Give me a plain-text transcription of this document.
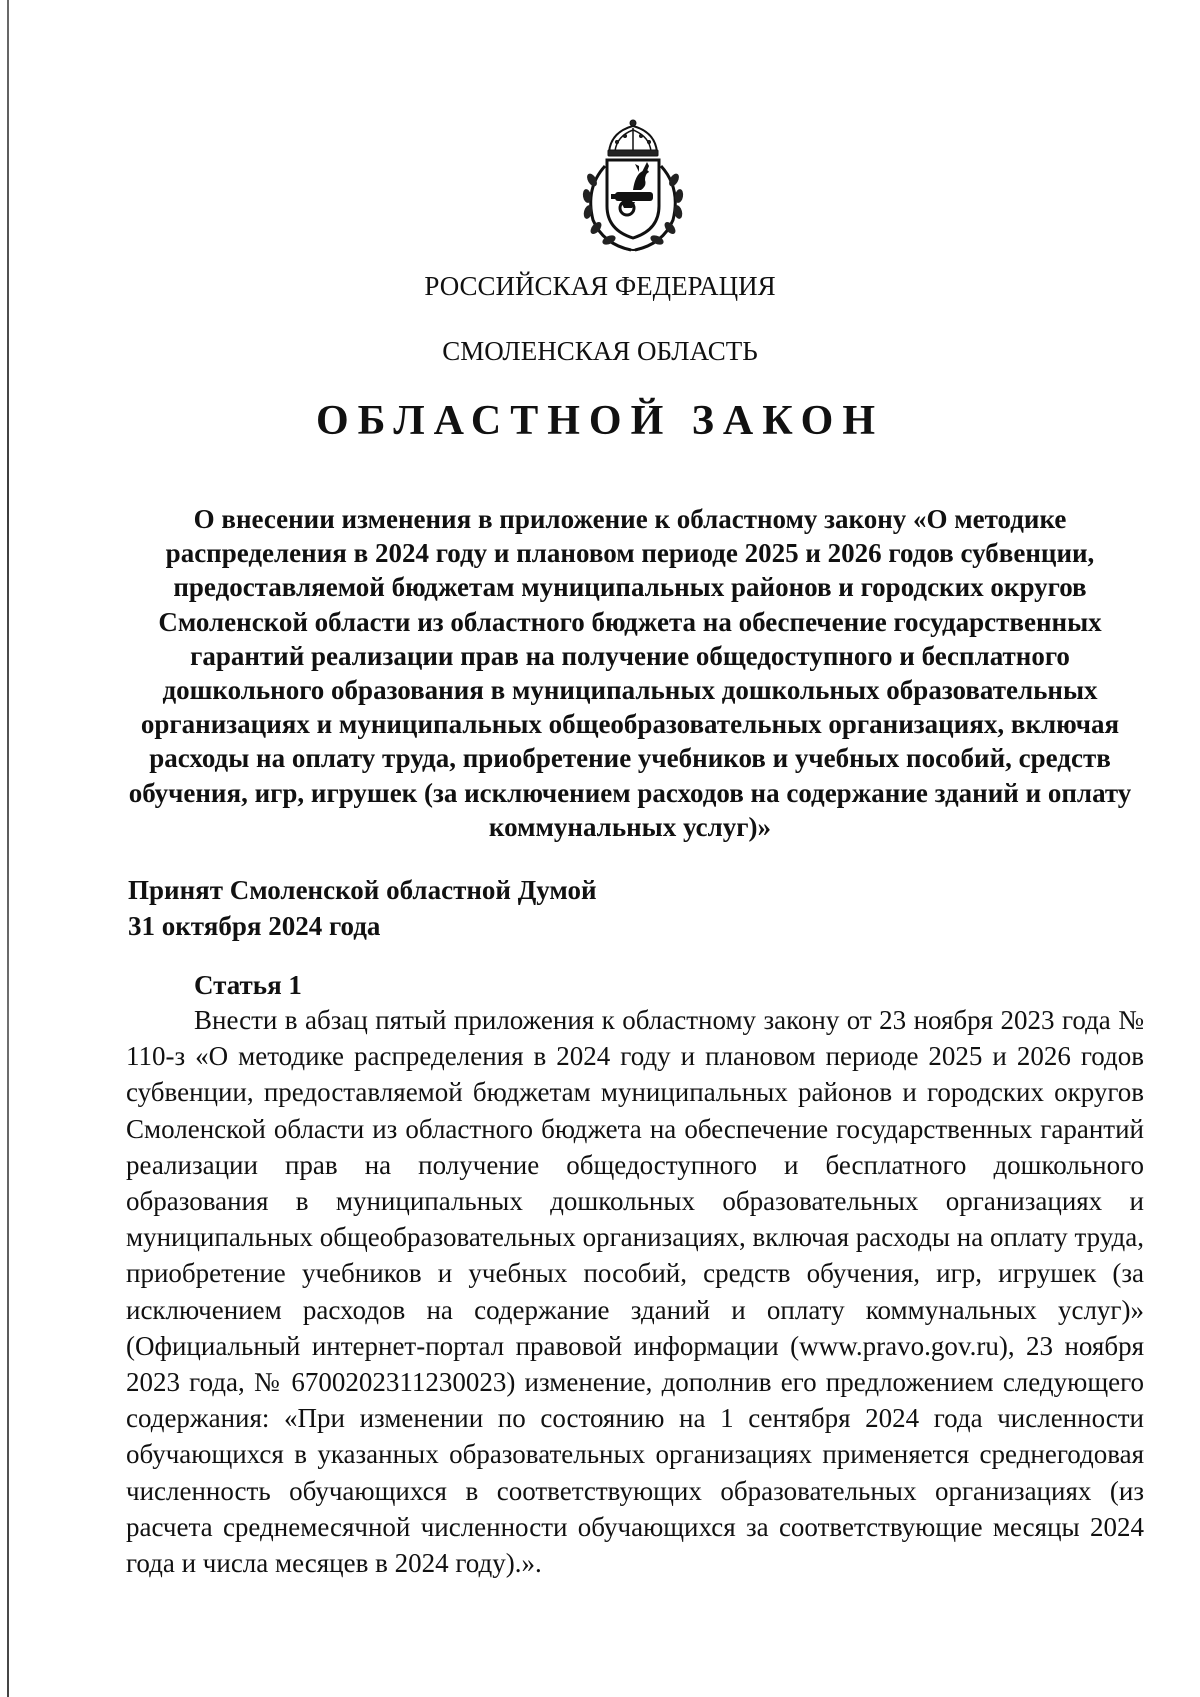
РОССИЙСКАЯ ФЕДЕРАЦИЯ
СМОЛЕНСКАЯ ОБЛАСТЬ
ОБЛАСТНОЙ ЗАКОН
О внесении изменения в приложение к областному закону «О методике распределения в 2024 году и плановом периоде 2025 и 2026 годов субвенции, предоставляемой бюджетам муниципальных районов и городских округов Смоленской области из областного бюджета на обеспечение государственных гарантий реализации прав на получение общедоступного и бесплатного дошкольного образования в муниципальных дошкольных образовательных организациях и муниципальных общеобразовательных организациях, включая расходы на оплату труда, приобретение учебников и учебных пособий, средств обучения, игр, игрушек (за исключением расходов на содержание зданий и оплату коммунальных услуг)»
Принят Смоленской областной Думой
31 октября 2024 года
Статья 1

Внести в абзац пятый приложения к областному закону от 23 ноября 2023 года № 110-з «О методике распределения в 2024 году и плановом периоде 2025 и 2026 годов субвенции, предоставляемой бюджетам муниципальных районов и городских округов Смоленской области из областного бюджета на обеспечение государственных гарантий реализации прав на получение общедоступного и бесплатного дошкольного образования в муниципальных дошкольных образовательных организациях и муниципальных общеобразовательных организациях, включая расходы на оплату труда, приобретение учебников и учебных пособий, средств обучения, игр, игрушек (за исключением расходов на содержание зданий и оплату коммунальных услуг)» (Официальный интернет-портал правовой информации (www.pravo.gov.ru), 23 ноября 2023 года, № 6700202311230023) изменение, дополнив его предложением следующего содержания: «При изменении по состоянию на 1 сентября 2024 года численности обучающихся в указанных образовательных организациях применяется среднегодовая численность обучающихся в соответствующих образовательных организациях (из расчета среднемесячной численности обучающихся за соответствующие месяцы 2024 года и числа месяцев в 2024 году).».
